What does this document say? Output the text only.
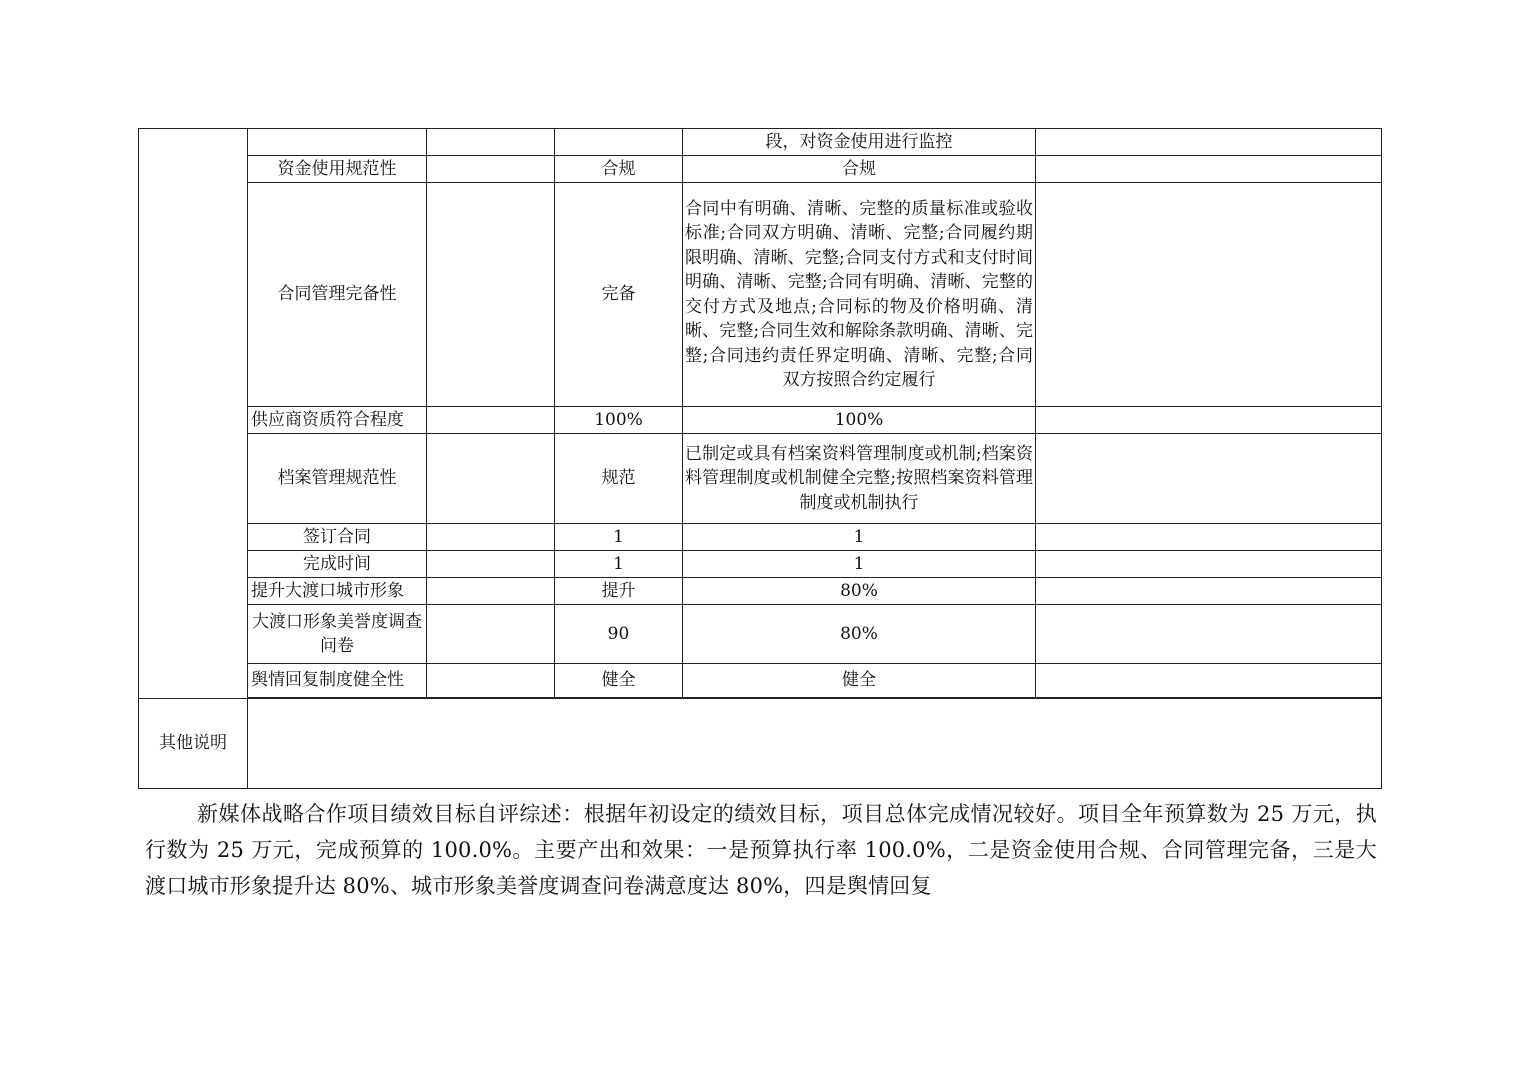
				段，对资金使用进行监控	
	资金使用规范性		合规	合规	
	合同管理完备性		完备	合同中有明确、清晰、完整的质量标准或验收标准;合同双方明确、清晰、完整;合同履约期限明确、清晰、完整;合同支付方式和支付时间明确、清晰、完整;合同有明确、清晰、完整的交付方式及地点;合同标的物及价格明确、清晰、完整;合同生效和解除条款明确、清晰、完整;合同违约责任界定明确、清晰、完整;合同双方按照合约定履行	
	供应商资质符合程度		100%	100%	
	档案管理规范性		规范	已制定或具有档案资料管理制度或机制;档案资料管理制度或机制健全完整;按照档案资料管理制度或机制执行	
	签订合同		1	1	
	完成时间		1	1	
	提升大渡口城市形象		提升	80%	
	大渡口形象美誉度调查问卷		90	80%	
	舆情回复制度健全性		健全	健全	

其他说明					

新媒体战略合作项目绩效目标自评综述：根据年初设定的绩效目标，项目总体完成情况较好。项目全年预算数为 25 万元，执行数为 25 万元，完成预算的 100.0%。主要产出和效果：一是预算执行率 100.0%，二是资金使用合规、合同管理完备，三是大渡口城市形象提升达 80%、城市形象美誉度调查问卷满意度达 80%，四是舆情回复
